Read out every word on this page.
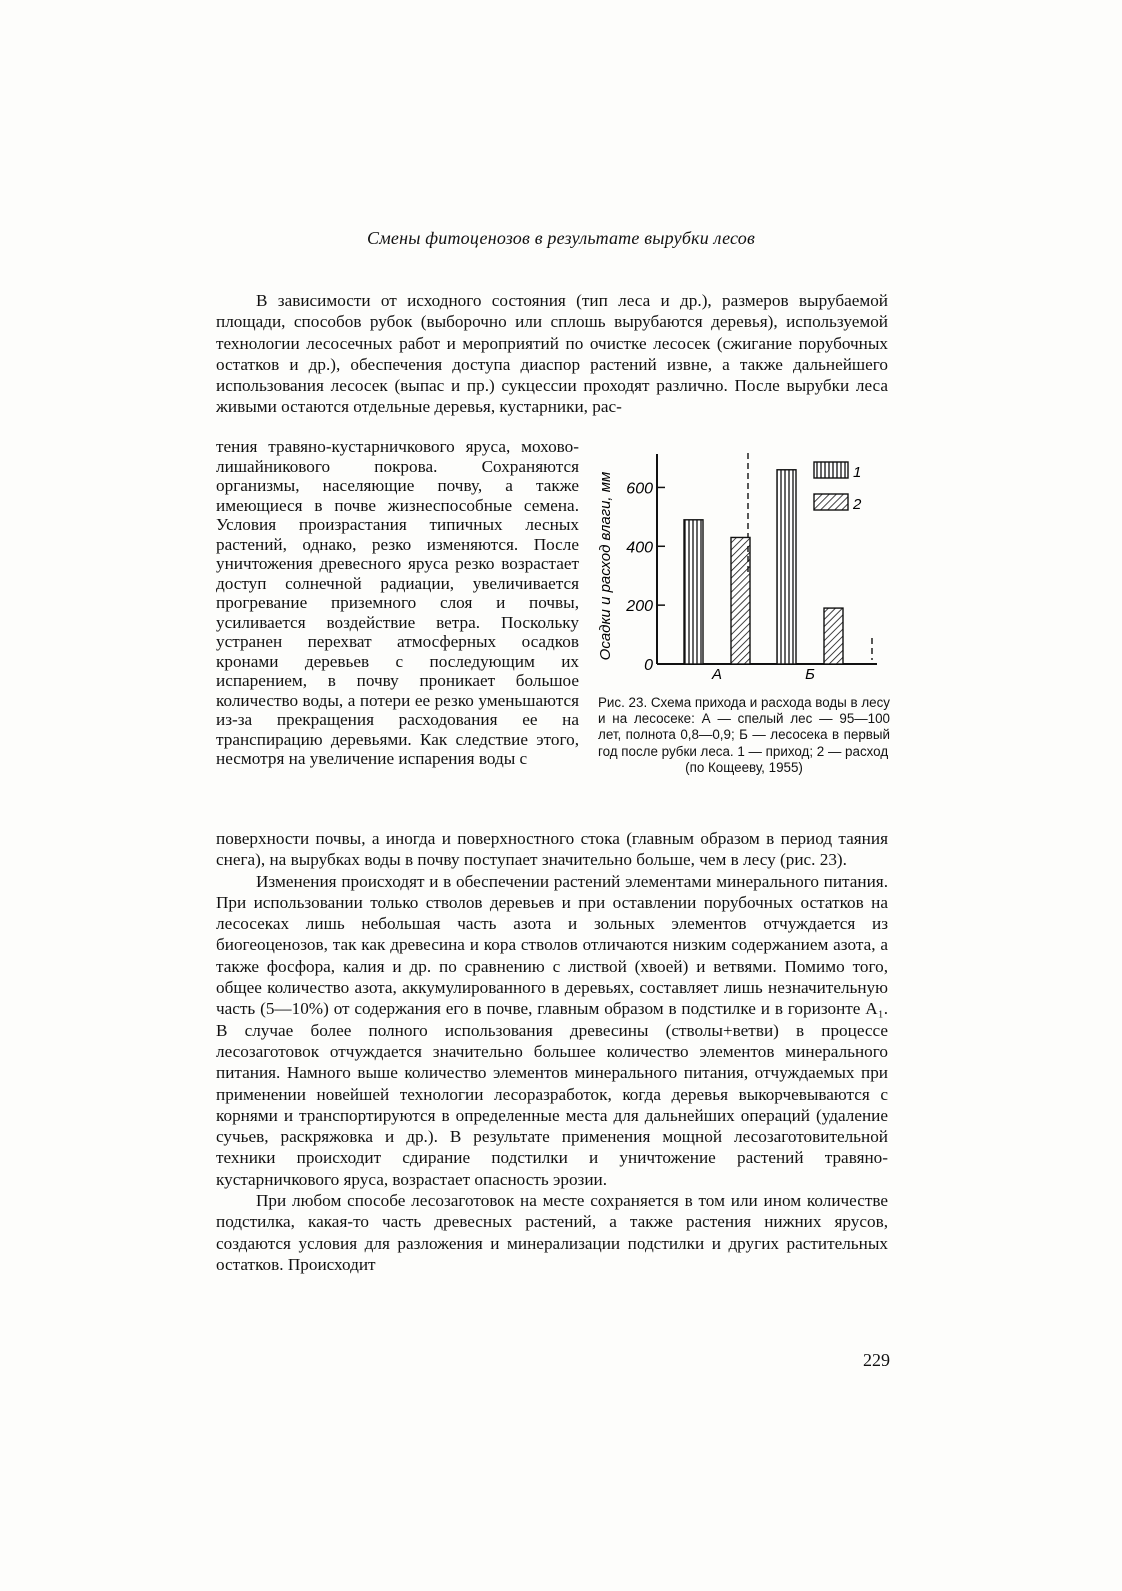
Смены фитоценозов в результате вырубки лесов

В зависимости от исходного состояния (тип леса и др.), размеров вырубаемой площади, способов рубок (выборочно или сплошь вырубаются деревья), используемой технологии лесосечных работ и мероприятий по очистке лесосек (сжигание порубочных остатков и др.), обеспечения доступа диаспор растений извне, а также дальнейшего использования лесосек (выпас и пр.) сукцессии проходят различно. После вырубки леса живыми остаются отдельные деревья, кустарники, рас-

тения травяно-кустарничкового яруса, мохово-лишайникового покрова. Сохраняются организмы, населяющие почву, а также имеющиеся в почве жизнеспособные семена. Условия произрастания типичных лесных растений, однако, резко изменяются. После уничтожения древесного яруса резко возрастает доступ солнечной радиации, увеличивается прогревание приземного слоя и почвы, усиливается воздействие ветра. Поскольку устранен перехват атмосферных осадков кронами деревьев с последующим их испарением, в почву проникает большое количество воды, а потери ее резко уменьшаются из-за прекращения расходования ее на транспирацию деревьями. Как следствие этого, несмотря на увеличение испарения воды с
0
200
400
600
Осадки и расход влаги, мм
А	Б
1
2
Рис. 23. Схема прихода и расхода воды в лесу и на лесосеке: А — спелый лес — 95—100 лет, полнота 0,8—0,9; Б — лесосека в первый год после рубки леса. 1 — приход; 2 — расход
(по Кощееву, 1955)

поверхности почвы, а иногда и поверхностного стока (главным образом в период таяния снега), на вырубках воды в почву поступает значительно больше, чем в лесу (рис. 23).

Изменения происходят и в обеспечении растений элементами минерального питания. При использовании только стволов деревьев и при оставлении порубочных остатков на лесосеках лишь небольшая часть азота и зольных элементов отчуждается из биогеоценозов, так как древесина и кора стволов отличаются низким содержанием азота, а также фосфора, калия и др. по сравнению с листвой (хвоей) и ветвями. Помимо того, общее количество азота, аккумулированного в деревьях, составляет лишь незначительную часть (5—10%) от содержания его в почве, главным образом в подстилке и в горизонте A₁. В случае более полного использования древесины (стволы+ветви) в процессе лесозаготовок отчуждается значительно большее количество элементов минерального питания. Намного выше количество элементов минерального питания, отчуждаемых при применении новейшей технологии лесоразработок, когда деревья выкорчевываются с корнями и транспортируются в определенные места для дальнейших операций (удаление сучьев, раскряжовка и др.). В результате применения мощной лесозаготовительной техники происходит сдирание подстилки и уничтожение растений травяно-кустарничкового яруса, возрастает опасность эрозии.

При любом способе лесозаготовок на месте сохраняется в том или ином количестве подстилка, какая-то часть древесных растений, а также растения нижних ярусов, создаются условия для разложения и минерализации подстилки и других растительных остатков. Происходит

229
